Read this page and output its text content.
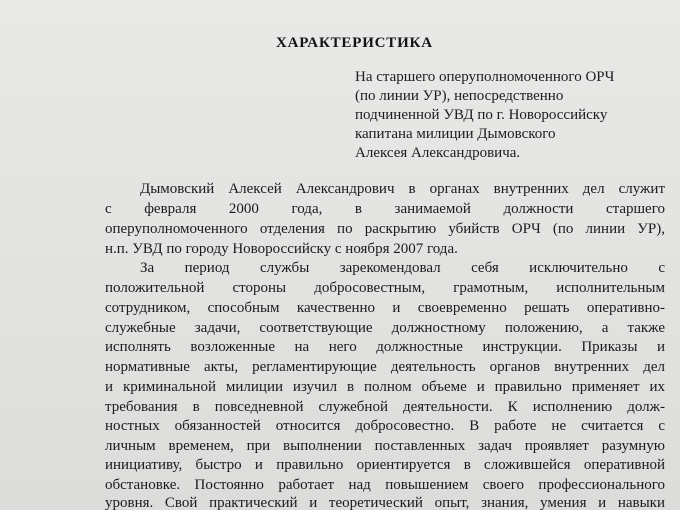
ХАРАКТЕРИСТИКА
На старшего оперуполномоченного ОРЧ
(по линии УР), непосредственно
подчиненной УВД по г. Новороссийску
капитана милиции Дымовского
Алексея Александровича.
Дымовский Алексей Александрович в органах внутренних дел служит
с февраля 2000 года, в занимаемой должности старшего
оперуполномоченного отделения по раскрытию убийств ОРЧ (по линии УР),
н.п. УВД по городу Новороссийску с ноября 2007 года.
За период службы зарекомендовал себя исключительно с
положительной стороны добросовестным, грамотным, исполнительным
сотрудником, способным качественно и своевременно решать оперативно-
служебные задачи, соответствующие должностному положению, а также
исполнять возложенные на него должностные инструкции. Приказы и
нормативные акты, регламентирующие деятельность органов внутренних дел
и криминальной милиции изучил в полном объеме и правильно применяет их
требования в повседневной служебной деятельности. К исполнению долж-
ностных обязанностей относится добросовестно. В работе не считается с
личным временем, при выполнении поставленных задач проявляет разумную
инициативу, быстро и правильно ориентируется в сложившейся оперативной
обстановке. Постоянно работает над повышением своего профессионального
уровня. Свой практический и теоретический опыт, знания, умения и навыки
